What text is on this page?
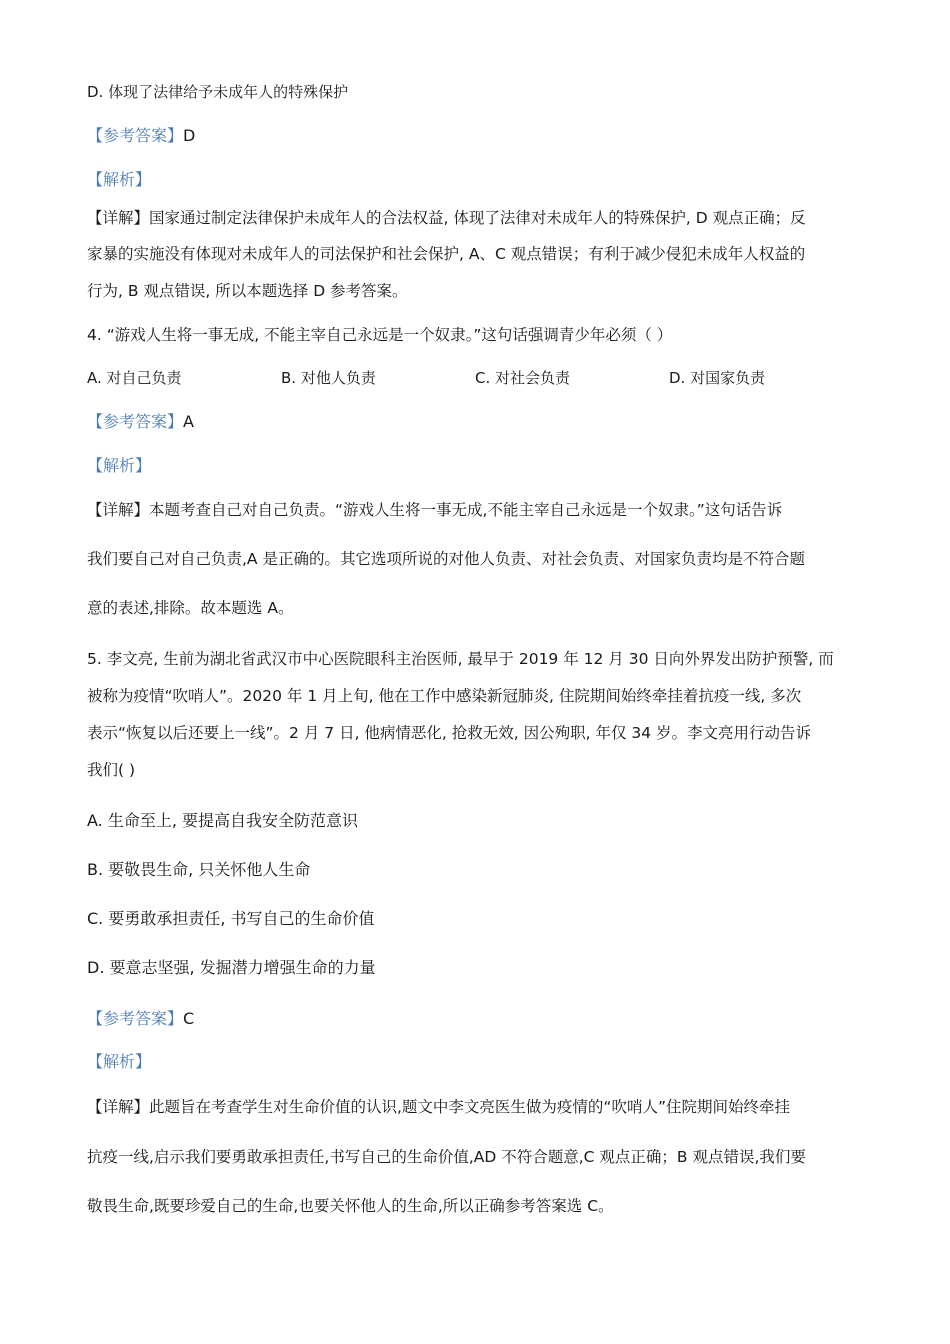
D. 体现了法律给予未成年人的特殊保护
【参考答案】D
【解析】
【详解】国家通过制定法律保护未成年人的合法权益, 体现了法律对未成年人的特殊保护, D 观点正确；反
家暴的实施没有体现对未成年人的司法保护和社会保护, A、C 观点错误；有利于减少侵犯未成年人权益的
行为, B 观点错误, 所以本题选择 D 参考答案。
4. “游戏人生将一事无成, 不能主宰自己永远是一个奴隶。”这句话强调青少年必须（ ）
A. 对自己负责	B. 对他人负责	C. 对社会负责	D. 对国家负责
【参考答案】A
【解析】
【详解】本题考查自己对自己负责。“游戏人生将一事无成,不能主宰自己永远是一个奴隶。”这句话告诉
我们要自己对自己负责,A 是正确的。其它选项所说的对他人负责、对社会负责、对国家负责均是不符合题
意的表述,排除。故本题选 A。
5. 李文亮, 生前为湖北省武汉市中心医院眼科主治医师, 最早于 2019 年 12 月 30 日向外界发出防护预警, 而
被称为疫情“吹哨人”。2020 年 1 月上旬, 他在工作中感染新冠肺炎, 住院期间始终牵挂着抗疫一线, 多次
表示“恢复以后还要上一线”。2 月 7 日, 他病情恶化, 抢救无效, 因公殉职, 年仅 34 岁。李文亮用行动告诉
我们( )
A. 生命至上, 要提高自我安全防范意识
B. 要敬畏生命, 只关怀他人生命
C. 要勇敢承担责任, 书写自己的生命价值
D. 要意志坚强, 发掘潜力增强生命的力量
【参考答案】C
【解析】
【详解】此题旨在考查学生对生命价值的认识,题文中李文亮医生做为疫情的“吹哨人”住院期间始终牵挂
抗疫一线,启示我们要勇敢承担责任,书写自己的生命价值,AD 不符合题意,C 观点正确；B 观点错误,我们要
敬畏生命,既要珍爱自己的生命,也要关怀他人的生命,所以正确参考答案选 C。
